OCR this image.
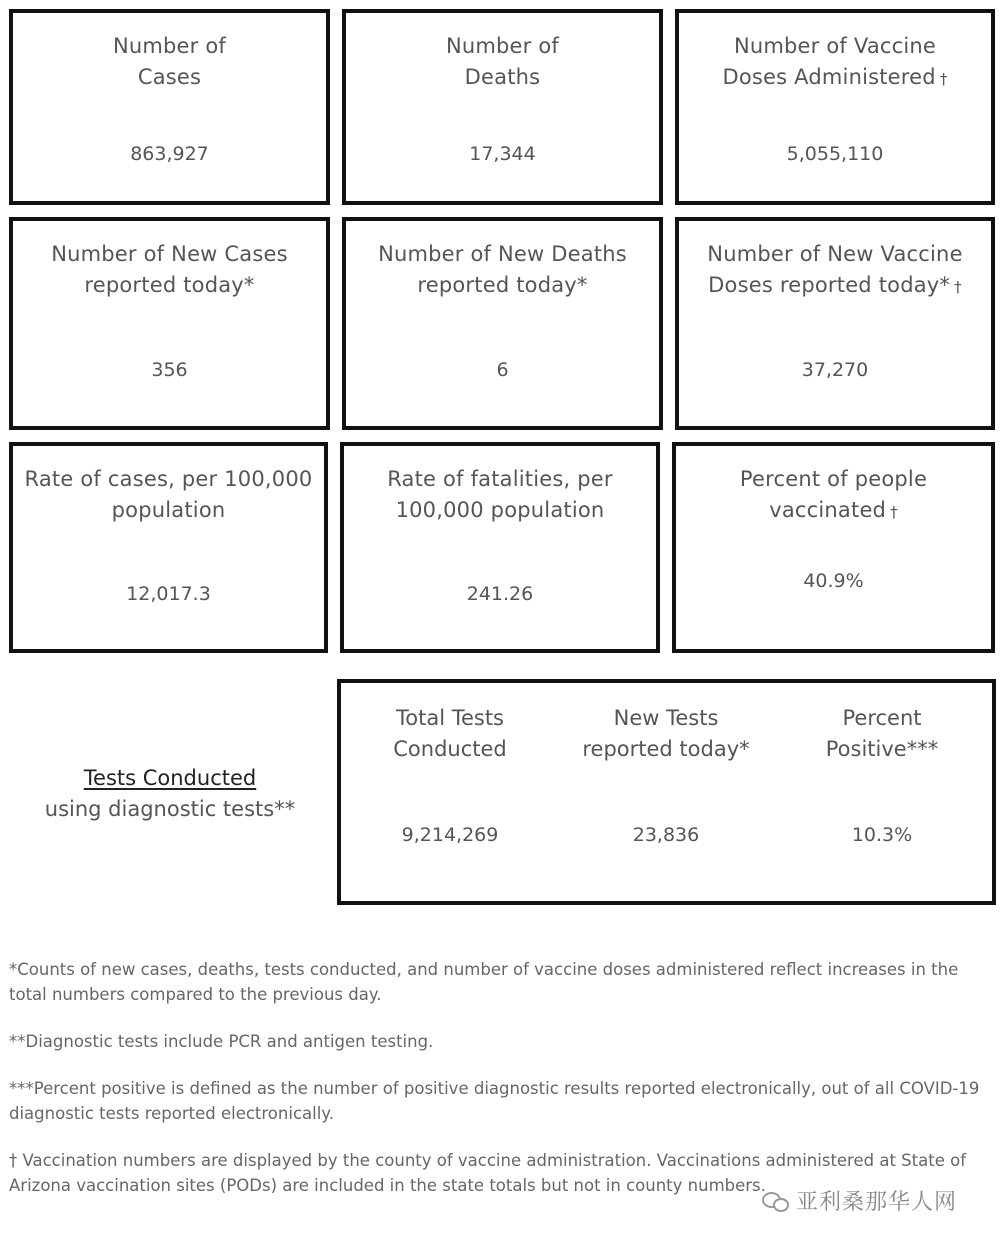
Number of
Cases
863,927
Number of
Deaths
17,344
Number of Vaccine
Doses Administered †
5,055,110
Number of New Cases
reported today*
356
Number of New Deaths
reported today*
6
Number of New Vaccine
Doses reported today* †
37,270
Rate of cases, per 100,000
population
12,017.3
Rate of fatalities, per
100,000 population
241.26
Percent of people
vaccinated †
40.9%
Tests Conducted
using diagnostic tests**
Total Tests
Conducted
9,214,269
New Tests
reported today*
23,836
Percent
Positive***
10.3%

*Counts of new cases, deaths, tests conducted, and number of vaccine doses administered reflect increases in the total numbers compared to the previous day.

**Diagnostic tests include PCR and antigen testing.

***Percent positive is defined as the number of positive diagnostic results reported electronically, out of all COVID-19 diagnostic tests reported electronically.

† Vaccination numbers are displayed by the county of vaccine administration. Vaccinations administered at State of Arizona vaccination sites (PODs) are included in the state totals but not in county numbers.

亚利桑那华人网
